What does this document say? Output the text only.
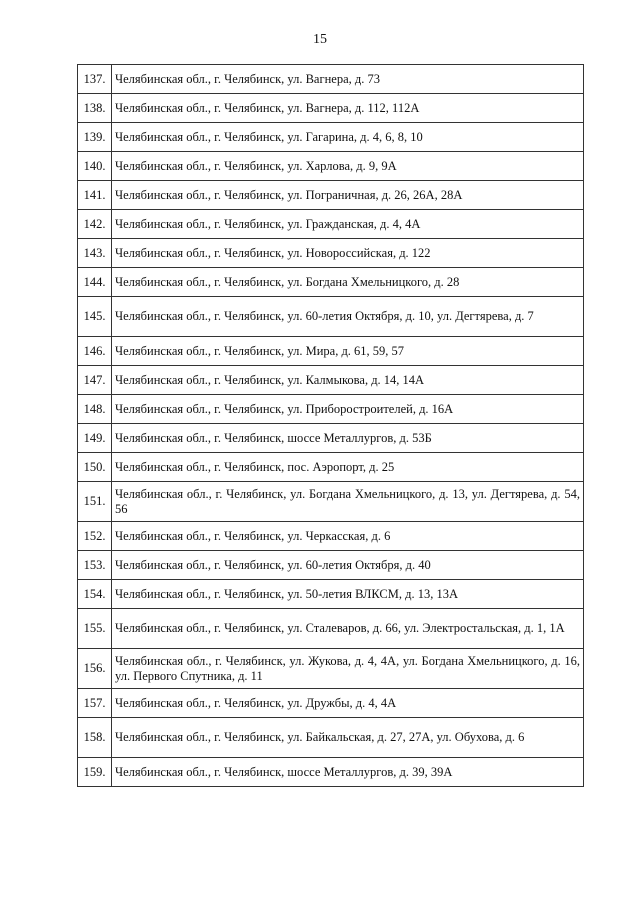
15
137.	Челябинская обл., г. Челябинск, ул. Вагнера, д. 73
138.	Челябинская обл., г. Челябинск, ул. Вагнера, д. 112, 112А
139.	Челябинская обл., г. Челябинск, ул. Гагарина, д. 4, 6, 8, 10
140.	Челябинская обл., г. Челябинск, ул. Харлова, д. 9, 9А
141.	Челябинская обл., г. Челябинск, ул. Пограничная, д. 26, 26А, 28А
142.	Челябинская обл., г. Челябинск, ул. Гражданская, д. 4, 4А
143.	Челябинская обл., г. Челябинск, ул. Новороссийская, д. 122
144.	Челябинская обл., г. Челябинск, ул. Богдана Хмельницкого, д. 28
145.	Челябинская обл., г. Челябинск, ул. 60-летия Октября, д. 10, ул. Дегтярева, д. 7
146.	Челябинская обл., г. Челябинск, ул. Мира, д. 61, 59, 57
147.	Челябинская обл., г. Челябинск, ул. Калмыкова, д. 14, 14А
148.	Челябинская обл., г. Челябинск, ул. Приборостроителей, д. 16А
149.	Челябинская обл., г. Челябинск, шоссе Металлургов, д. 53Б
150.	Челябинская обл., г. Челябинск, пос. Аэропорт, д. 25
151.	Челябинская обл., г. Челябинск, ул. Богдана Хмельницкого, д. 13, ул. Дегтярева, д. 54, 56
152.	Челябинская обл., г. Челябинск, ул. Черкасская, д. 6
153.	Челябинская обл., г. Челябинск, ул. 60-летия Октября, д. 40
154.	Челябинская обл., г. Челябинск, ул. 50-летия ВЛКСМ, д. 13, 13А
155.	Челябинская обл., г. Челябинск, ул. Сталеваров, д. 66, ул. Электростальская, д. 1, 1А
156.	Челябинская обл., г. Челябинск, ул. Жукова, д. 4, 4А, ул. Богдана Хмельницкого, д. 16, ул. Первого Спутника, д. 11
157.	Челябинская обл., г. Челябинск, ул. Дружбы, д. 4, 4А
158.	Челябинская обл., г. Челябинск, ул. Байкальская, д. 27, 27А, ул. Обухова, д. 6
159.	Челябинская обл., г. Челябинск, шоссе Металлургов, д. 39, 39А
